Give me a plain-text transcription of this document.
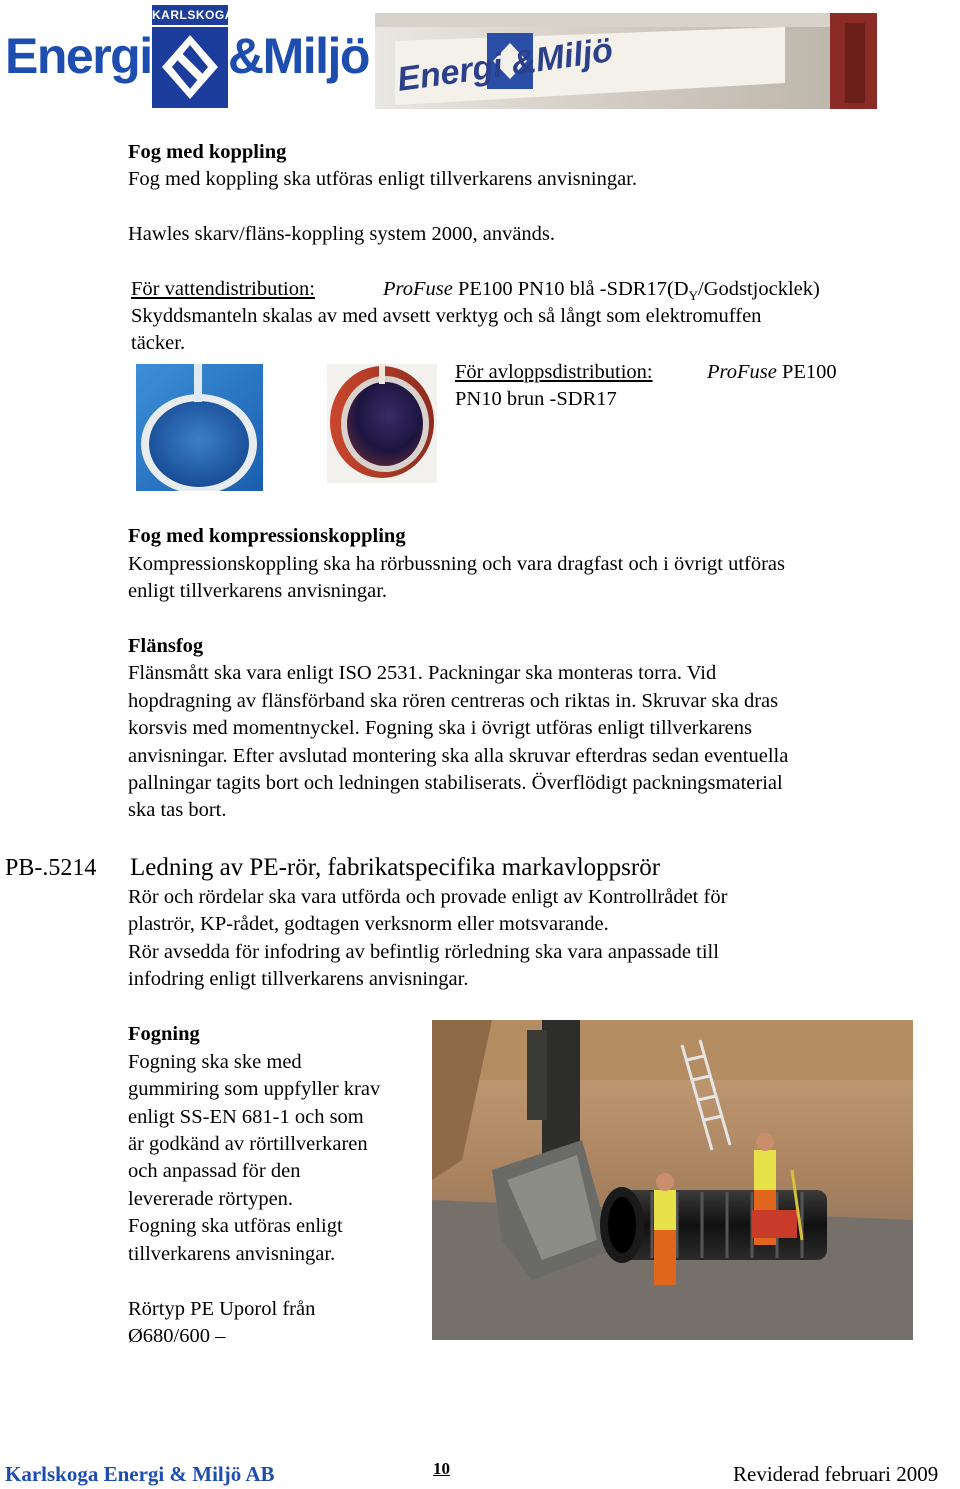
KARLSKOGA
Energi &Miljö Energi &Miljö
Fog med koppling
Fog med koppling ska utföras enligt tillverkarens anvisningar.
Hawles skarv/fläns-koppling system 2000, används.
För vattendistribution:	ProFuse PE100 PN10 blå $-SDR17(D_Y/Godstjocklek)$
Skyddsmanteln skalas av med avsett verktyg och så långt som elektromuffen
täcker.
För avloppsdistribution:	ProFuse PE100
PN10 brun -SDR17
Fog med kompressionskoppling
Kompressionskoppling ska ha rörbussning och vara dragfast och i övrigt utföras
enligt tillverkarens anvisningar.
Flänsfog
Flänsmått ska vara enligt ISO 2531. Packningar ska monteras torra. Vid
hopdragning av flänsförband ska rören centreras och riktas in. Skruvar ska dras
korsvis med momentnyckel. Fogning ska i övrigt utföras enligt tillverkarens
anvisningar. Efter avslutad montering ska alla skruvar efterdras sedan eventuella
pallningar tagits bort och ledningen stabiliserats. Överflödigt packningsmaterial
ska tas bort.
PB-.5214 Ledning av PE-rör, fabrikatspecifika markavloppsrör
Rör och rördelar ska vara utförda och provade enligt av Kontrollrådet för
plaströr, KP-rådet, godtagen verksnorm eller motsvarande.
Rör avsedda för infodring av befintlig rörledning ska vara anpassade till
infodring enligt tillverkarens anvisningar.
Fogning
Fogning ska ske med
gummiring som uppfyller krav
enligt SS-EN 681-1 och som
är godkänd av rörtillverkaren
och anpassad för den
levererade rörtypen.
Fogning ska utföras enligt
tillverkarens anvisningar.
Rörtyp PE Uporol från
Ø680/600 –
Karlskoga Energi & Miljö AB	10	Reviderad februari 2009
